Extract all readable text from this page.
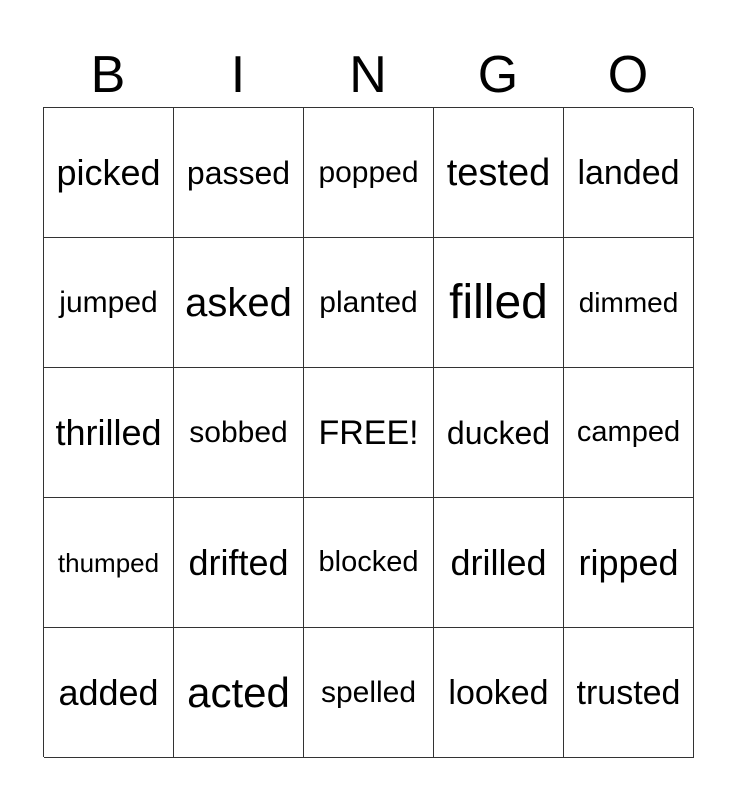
B	I	N	G	O
picked passed popped tested landed
jumped asked planted filled	dimmed
thrilled sobbed FREE! ducked camped
thumped drifted	blocked drilled ripped
added acted	spelled looked trusted
